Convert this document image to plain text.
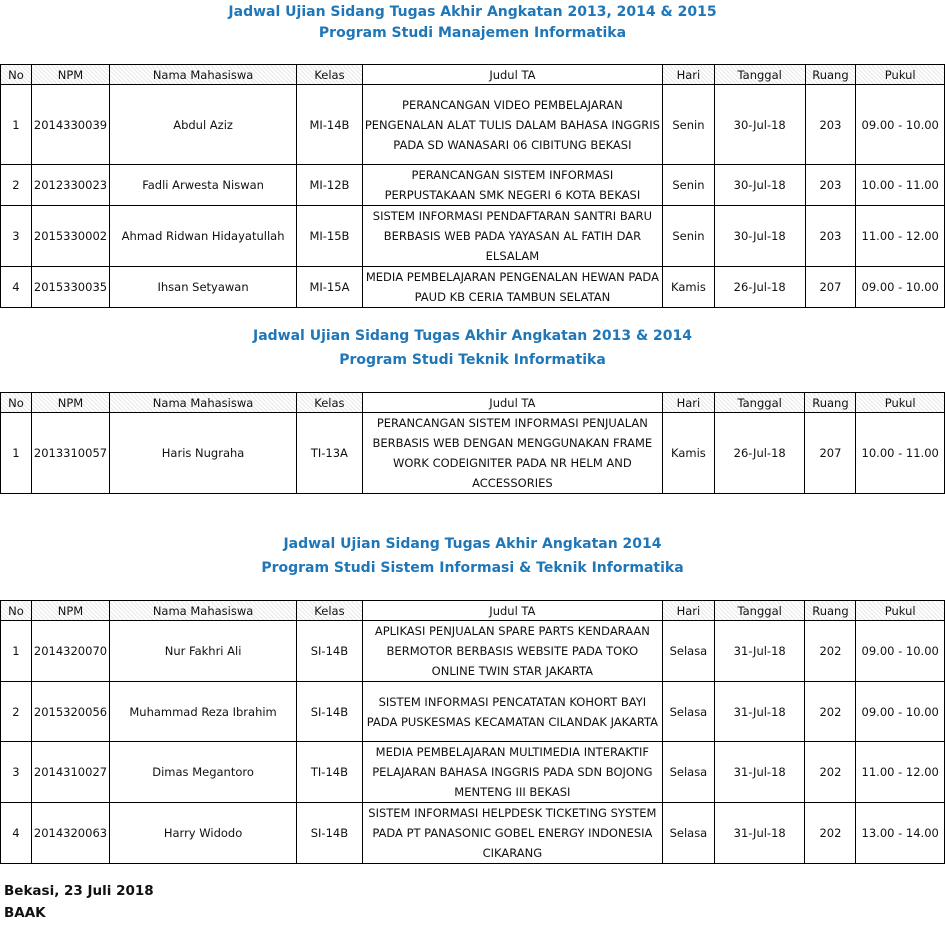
Jadwal Ujian Sidang Tugas Akhir Angkatan 2013, 2014 & 2015
Program Studi Manajemen Informatika
No	NPM	Nama Mahasiswa	Kelas	Judul TA	Hari	Tanggal	Ruang	Pukul
1	2014330039	Abdul Aziz	MI-14B	PERANCANGAN VIDEO PEMBELAJARAN PENGENALAN ALAT TULIS DALAM BAHASA INGGRIS PADA SD WANASARI 06 CIBITUNG BEKASI	Senin	30-Jul-18	203	09.00 - 10.00
2	2012330023	Fadli Arwesta Niswan	MI-12B	PERANCANGAN SISTEM INFORMASI PERPUSTAKAAN SMK NEGERI 6 KOTA BEKASI	Senin	30-Jul-18	203	10.00 - 11.00
3	2015330002	Ahmad Ridwan Hidayatullah	MI-15B	SISTEM INFORMASI PENDAFTARAN SANTRI BARU BERBASIS WEB PADA YAYASAN AL FATIH DAR ELSALAM	Senin	30-Jul-18	203	11.00 - 12.00
4	2015330035	Ihsan Setyawan	MI-15A	MEDIA PEMBELAJARAN PENGENALAN HEWAN PADA PAUD KB CERIA TAMBUN SELATAN	Kamis	26-Jul-18	207	09.00 - 10.00
Jadwal Ujian Sidang Tugas Akhir Angkatan 2013 & 2014
Program Studi Teknik Informatika
No	NPM	Nama Mahasiswa	Kelas	Judul TA	Hari	Tanggal	Ruang	Pukul
1	2013310057	Haris Nugraha	TI-13A	PERANCANGAN SISTEM INFORMASI PENJUALAN BERBASIS WEB DENGAN MENGGUNAKAN FRAME WORK CODEIGNITER PADA NR HELM AND ACCESSORIES	Kamis	26-Jul-18	207	10.00 - 11.00
Jadwal Ujian Sidang Tugas Akhir Angkatan 2014
Program Studi Sistem Informasi & Teknik Informatika
No	NPM	Nama Mahasiswa	Kelas	Judul TA	Hari	Tanggal	Ruang	Pukul
1	2014320070	Nur Fakhri Ali	SI-14B	APLIKASI PENJUALAN SPARE PARTS KENDARAAN BERMOTOR BERBASIS WEBSITE PADA TOKO ONLINE TWIN STAR JAKARTA	Selasa	31-Jul-18	202	09.00 - 10.00
2	2015320056	Muhammad Reza Ibrahim	SI-14B	SISTEM INFORMASI PENCATATAN KOHORT BAYI PADA PUSKESMAS KECAMATAN CILANDAK JAKARTA	Selasa	31-Jul-18	202	09.00 - 10.00
3	2014310027	Dimas Megantoro	TI-14B	MEDIA PEMBELAJARAN MULTIMEDIA INTERAKTIF PELAJARAN BAHASA INGGRIS PADA SDN BOJONG MENTENG III BEKASI	Selasa	31-Jul-18	202	11.00 - 12.00
4	2014320063	Harry Widodo	SI-14B	SISTEM INFORMASI HELPDESK TICKETING SYSTEM PADA PT PANASONIC GOBEL ENERGY INDONESIA CIKARANG	Selasa	31-Jul-18	202	13.00 - 14.00
Bekasi, 23 Juli 2018
BAAK
